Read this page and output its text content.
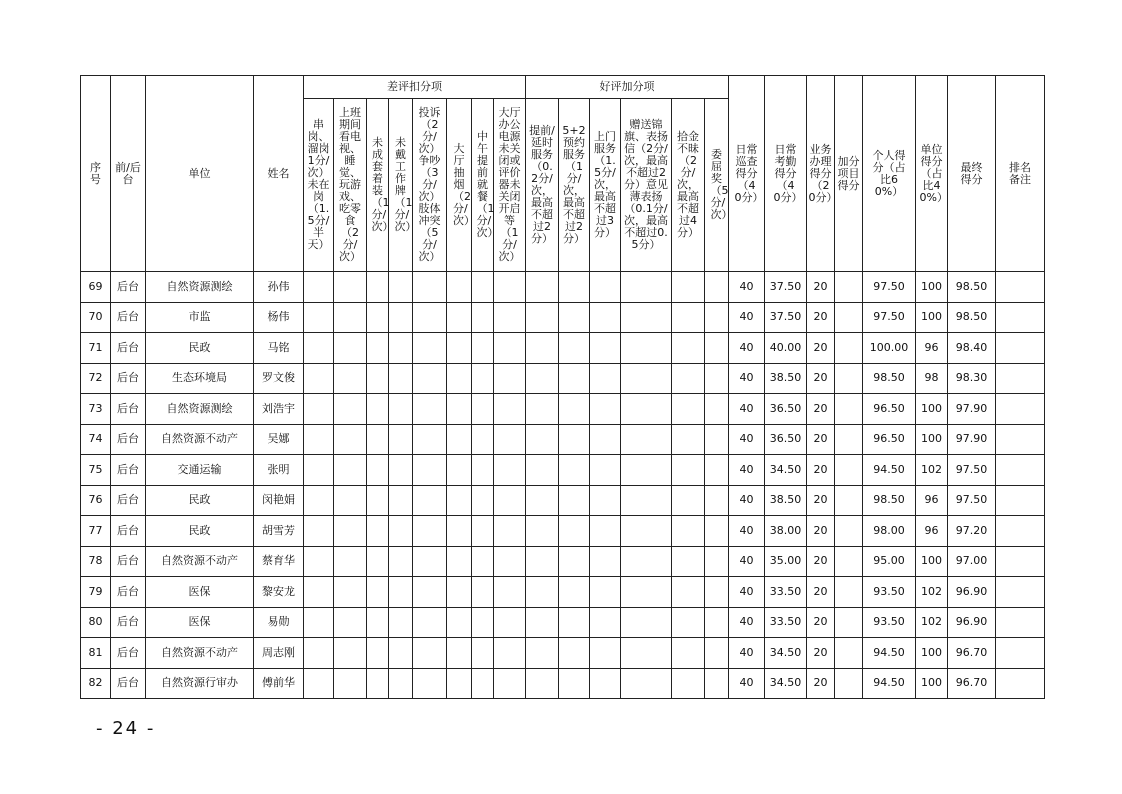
序号	前/后台	单位	姓名	差评扣分项								好评加分项						日常巡查得分（40分）	日常考勤得分（40分）	业务办理得分（20分）	加分项目得分	个人得分（占比60%）	单位得分（占比40%）	最终得分	排名备注

				串岗、溜岗1分/次）未在岗（1.5分/半天）	上班期间看电视、睡觉、玩游戏、吃零食（2分/次）	未成套着装（1分/次）	未戴工作牌（1分/次）	投诉（2分/次）争吵（3分/次）肢体冲突（5分/次）	大厅抽烟（2分/次）	中午提前就餐（1分/次）	大厅办公电源未关闭或评价器未关闭开启等（1分/次）	提前/延时服务（0.2分/次，最高不超过2分）	5+2预约服务（1分/次，最高不超过2分）	上门服务（1.5分/次，最高不超过3分）	赠送锦旗、表扬信（2分/次，最高不超过2分）意见薄表扬（0.1分/次，最高不超过0.5分）	拾金不昧（2分/次，最高不超过4分）	委屈奖（5分/次）								

69	后台	自然资源测绘	孙伟															40	37.50	20		97.50	100	98.50	
70	后台	市监	杨伟															40	37.50	20		97.50	100	98.50	
71	后台	民政	马铭															40	40.00	20		100.00	96	98.40	
72	后台	生态环境局	罗文俊															40	38.50	20		98.50	98	98.30	
73	后台	自然资源测绘	刘浩宇															40	36.50	20		96.50	100	97.90	
74	后台	自然资源不动产	吴娜															40	36.50	20		96.50	100	97.90	
75	后台	交通运输	张明															40	34.50	20		94.50	102	97.50	
76	后台	民政	闵艳娟															40	38.50	20		98.50	96	97.50	
77	后台	民政	胡雪芳															40	38.00	20		98.00	96	97.20	
78	后台	自然资源不动产	蔡育华															40	35.00	20		95.00	100	97.00	
79	后台	医保	黎安龙															40	33.50	20		93.50	102	96.90	
80	后台	医保	易勋															40	33.50	20		93.50	102	96.90	
81	后台	自然资源不动产	周志刚															40	34.50	20		94.50	100	96.70	
82	后台	自然资源行审办	傅前华															40	34.50	20		94.50	100	96.70	
- 24 -
